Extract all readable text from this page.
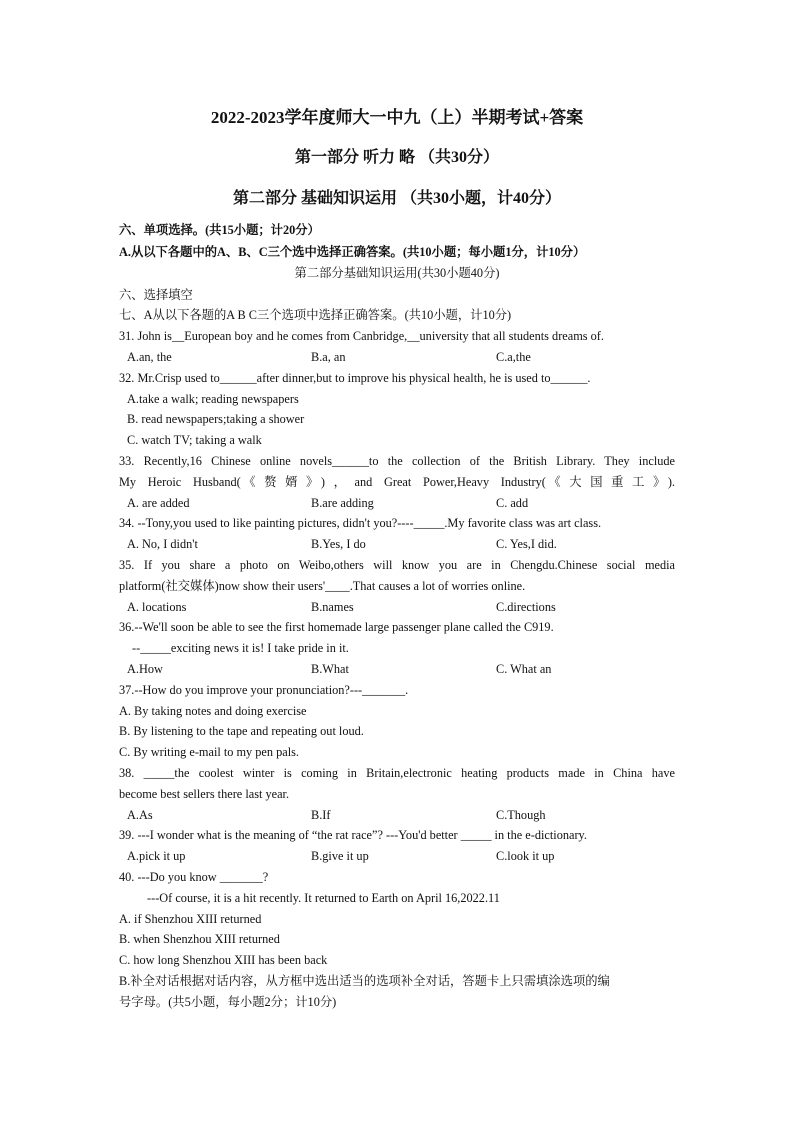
2022-2023学年度师大一中九（上）半期考试+答案
第一部分 听力 略 （共30分）
第二部分 基础知识运用 （共30小题，计40分）
六、单项选择。(共15小题；计20分）
A.从以下各题中的A、B、C三个选中选择正确答案。(共10小题；每小题1分，计10分）
第二部分基础知识运用(共30小题40分)
六、选择填空
七、A从以下各题的A B C三个选项中选择正确答案。(共10小题，计10分)
31. John is__European boy and he comes from Canbridge,__university that all students dreams of.
A.an, the	B.a, an	C.a,the
32. Mr.Crisp used to______after dinner,but to improve his physical health, he is used to______.
A.take a walk; reading newspapers
B. read newspapers;taking a shower
C. watch TV; taking a walk
33. Recently,16 Chinese online novels______to the collection of the British Library. They include
My Heroic Husband(《赘婿》)，and Great Power,Heavy Industry(《大国重工》).
A. are added	B.are adding	C. add
34. --Tony,you used to like painting pictures, didn't you?----_____.My favorite class was art class.
A. No, I didn't	B.Yes, I do	C. Yes,I did.
35. If you share a photo on Weibo,others will know you are in Chengdu.Chinese social media
platform(社交媒体)now show their users'____.That causes a lot of worries online.
A. locations	B.names	C.directions
36.--We'll soon be able to see the first homemade large passenger plane called the C919.
--_____exciting news it is! I take pride in it.
A.How	B.What	C. What an
37.--How do you improve your pronunciation?---_______.
A. By taking notes and doing exercise
B. By listening to the tape and repeating out loud.
C. By writing e-mail to my pen pals.
38. _____the coolest winter is coming in Britain,electronic heating products made in China have
become best sellers there last year.
A.As	B.If	C.Though
39. ---I wonder what is the meaning of “the rat race”? ---You'd better _____ in the e-dictionary.
A.pick it up	B.give it up	C.look it up
40. ---Do you know _______?
---Of course, it is a hit recently. It returned to Earth on April 16,2022.11
A. if Shenzhou XIII returned
B. when Shenzhou XIII returned
C. how long Shenzhou XIII has been back
B.补全对话根据对话内容，从方框中选出适当的选项补全对话，答题卡上只需填涂选项的编
号字母。(共5小题，每小题2分；计10分)
